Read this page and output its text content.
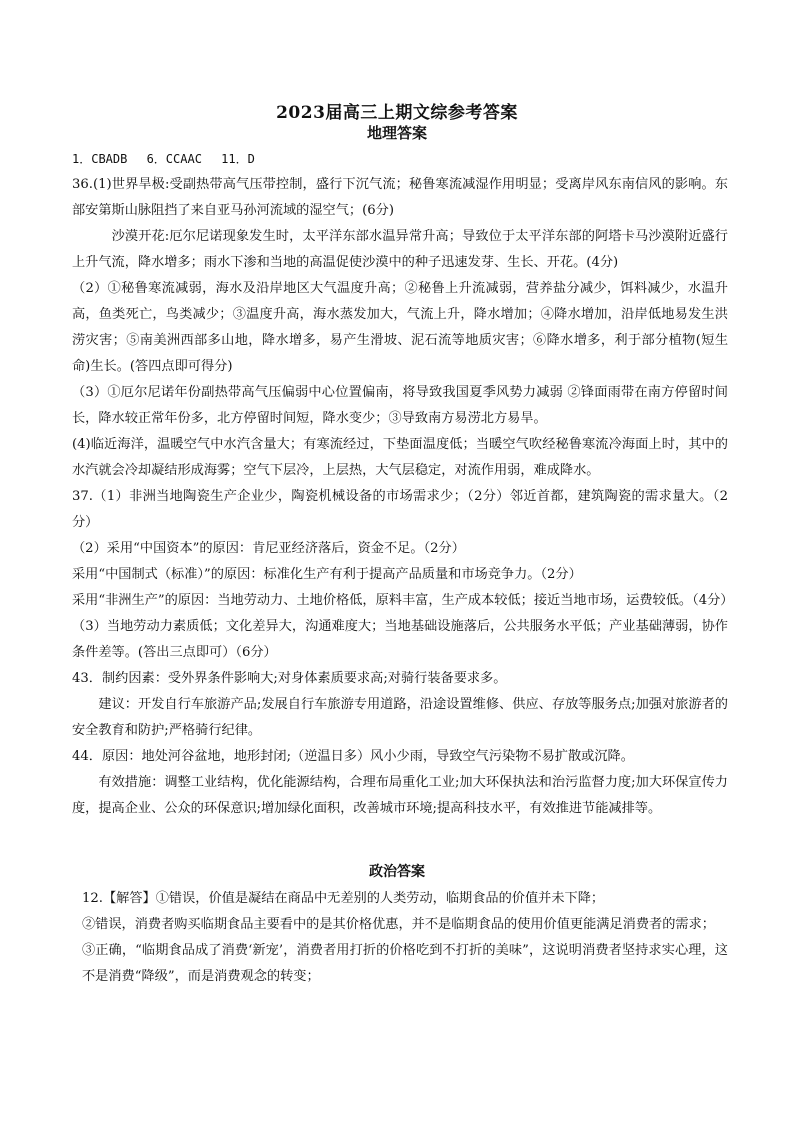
2023届高三上期文综参考答案
地理答案

1．CBADB　 6．CCAAC　 11．D

36.(1)世界旱极:受副热带高气压带控制，盛行下沉气流；秘鲁寒流减湿作用明显；受离岸风东南信风的影响。东部安第斯山脉阻挡了来自亚马孙河流域的湿空气；(6分)

沙漠开花:厄尔尼诺现象发生时，太平洋东部水温异常升高；导致位于太平洋东部的阿塔卡马沙漠附近盛行上升气流，降水增多；雨水下渗和当地的高温促使沙漠中的种子迅速发芽、生长、开花。(4分)

（2）①秘鲁寒流减弱，海水及沿岸地区大气温度升高；②秘鲁上升流减弱，营养盐分减少，饵料减少，水温升高，鱼类死亡，鸟类减少；③温度升高，海水蒸发加大，气流上升，降水增加；④降水增加，沿岸低地易发生洪涝灾害；⑤南美洲西部多山地，降水增多，易产生滑坡、泥石流等地质灾害；⑥降水增多，利于部分植物(短生命)生长。(答四点即可得分)

（3）①厄尔尼诺年份副热带高气压偏弱中心位置偏南，将导致我国夏季风势力减弱 ②锋面雨带在南方停留时间长，降水较正常年份多，北方停留时间短，降水变少；③导致南方易涝北方易旱。

(4)临近海洋，温暖空气中水汽含量大；有寒流经过，下垫面温度低；当暖空气吹经秘鲁寒流冷海面上时，其中的水汽就会冷却凝结形成海雾；空气下层冷，上层热，大气层稳定，对流作用弱，难成降水。

37.（1）非洲当地陶瓷生产企业少，陶瓷机械设备的市场需求少；（2分）邻近首都，建筑陶瓷的需求量大。（2分）

（2）采用“中国资本”的原因：肯尼亚经济落后，资金不足。（2分）

采用“中国制式（标准）”的原因：标准化生产有利于提高产品质量和市场竞争力。（2分）

采用“非洲生产”的原因：当地劳动力、土地价格低，原料丰富，生产成本较低；接近当地市场，运费较低。（4分）

（3）当地劳动力素质低；文化差异大，沟通难度大；当地基础设施落后，公共服务水平低；产业基础薄弱，协作条件差等。(答出三点即可）（6分）

43．制约因素：受外界条件影响大;对身体素质要求高;对骑行装备要求多。

建议：开发自行车旅游产品;发展自行车旅游专用道路，沿途设置维修、供应、存放等服务点;加强对旅游者的安全教育和防护;严格骑行纪律。

44．原因：地处河谷盆地，地形封闭;（逆温日多）风小少雨，导致空气污染物不易扩散或沉降。

有效措施：调整工业结构，优化能源结构，合理布局重化工业;加大环保执法和治污监督力度;加大环保宣传力度，提高企业、公众的环保意识;增加绿化面积，改善城市环境;提高科技水平，有效推进节能减排等。

政治答案

12.【解答】①错误，价值是凝结在商品中无差别的人类劳动，临期食品的价值并未下降；

②错误，消费者购买临期食品主要看中的是其价格优惠，并不是临期食品的使用价值更能满足消费者的需求；

③正确，“临期食品成了消费‘新宠’，消费者用打折的价格吃到不打折的美味”，这说明消费者坚持求实心理，这不是消费“降级”，而是消费观念的转变；
